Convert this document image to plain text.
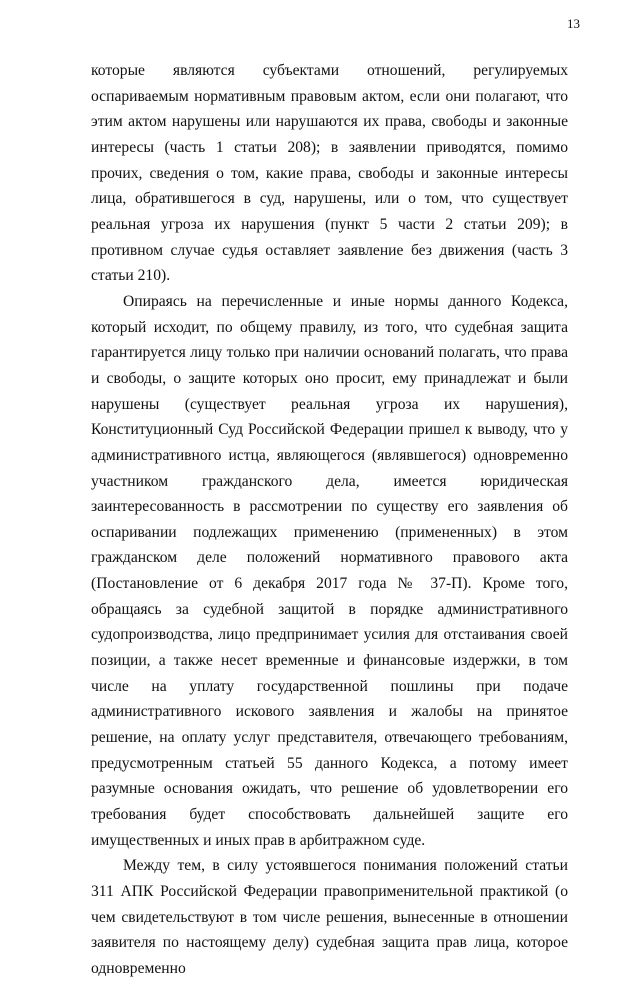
13

которые являются субъектами отношений, регулируемых оспариваемым нормативным правовым актом, если они полагают, что этим актом нарушены или нарушаются их права, свободы и законные интересы (часть 1 статьи 208); в заявлении приводятся, помимо прочих, сведения о том, какие права, свободы и законные интересы лица, обратившегося в суд, нарушены, или о том, что существует реальная угроза их нарушения (пункт 5 части 2 статьи 209); в противном случае судья оставляет заявление без движения (часть 3 статьи 210).

Опираясь на перечисленные и иные нормы данного Кодекса, который исходит, по общему правилу, из того, что судебная защита гарантируется лицу только при наличии оснований полагать, что права и свободы, о защите которых оно просит, ему принадлежат и были нарушены (существует реальная угроза их нарушения), Конституционный Суд Российской Федерации пришел к выводу, что у административного истца, являющегося (являвшегося) одновременно участником гражданского дела, имеется юридическая заинтересованность в рассмотрении по существу его заявления об оспаривании подлежащих применению (примененных) в этом гражданском деле положений нормативного правового акта (Постановление от 6 декабря 2017 года № 37-П). Кроме того, обращаясь за судебной защитой в порядке административного судопроизводства, лицо предпринимает усилия для отстаивания своей позиции, а также несет временные и финансовые издержки, в том числе на уплату государственной пошлины при подаче административного искового заявления и жалобы на принятое решение, на оплату услуг представителя, отвечающего требованиям, предусмотренным статьей 55 данного Кодекса, а потому имеет разумные основания ожидать, что решение об удовлетворении его требования будет способствовать дальнейшей защите его имущественных и иных прав в арбитражном суде.

Между тем, в силу устоявшегося понимания положений статьи 311 АПК Российской Федерации правоприменительной практикой (о чем свидетельствуют в том числе решения, вынесенные в отношении заявителя по настоящему делу) судебная защита прав лица, которое одновременно
